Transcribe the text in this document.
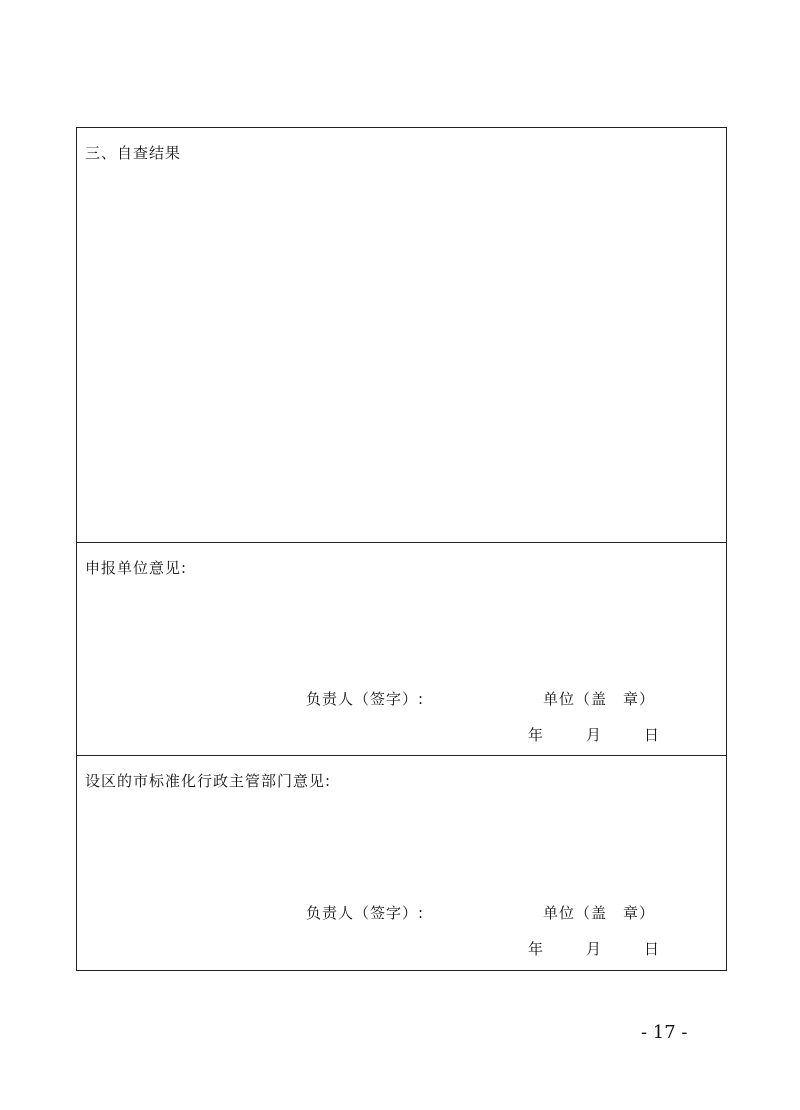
三、自查结果
申报单位意见:
负责人（签字）:	单位（盖　章）
年	月	日
设区的市标准化行政主管部门意见:
负责人（签字）:	单位（盖　章）
年	月	日
- 17 -
